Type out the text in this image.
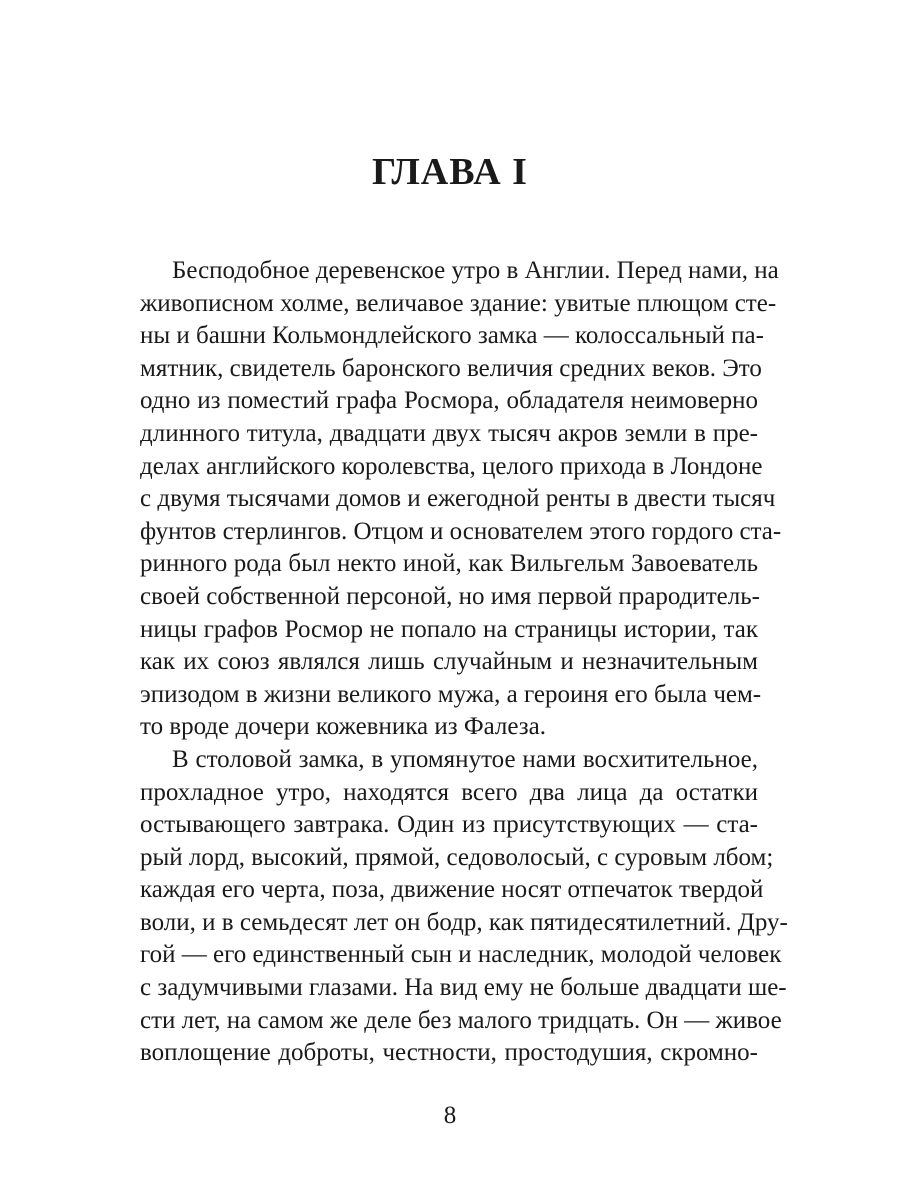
ГЛАВА I
Бесподобное деревенское утро в Англии. Перед нами, на
живописном холме, величавое здание: увитые плющом сте-
ны и башни Кольмондлейского замка — колоссальный па-
мятник, свидетель баронского величия средних веков. Это
одно из поместий графа Росмора, обладателя неимоверно
длинного титула, двадцати двух тысяч акров земли в пре-
делах английского королевства, целого прихода в Лондоне
с двумя тысячами домов и ежегодной ренты в двести тысяч
фунтов стерлингов. Отцом и основателем этого гордого ста-
ринного рода был некто иной, как Вильгельм Завоеватель
своей собственной персоной, но имя первой прародитель-
ницы графов Росмор не попало на страницы истории, так
как их союз являлся лишь случайным и незначительным
эпизодом в жизни великого мужа, а героиня его была чем-
то вроде дочери кожевника из Фалеза.
В столовой замка, в упомянутое нами восхитительное,
прохладное утро, находятся всего два лица да остатки
остывающего завтрака. Один из присутствующих — ста-
рый лорд, высокий, прямой, седоволосый, с суровым лбом;
каждая его черта, поза, движение носят отпечаток твердой
воли, и в семьдесят лет он бодр, как пятидесятилетний. Дру-
гой — его единственный сын и наследник, молодой человек
с задумчивыми глазами. На вид ему не больше двадцати ше-
сти лет, на самом же деле без малого тридцать. Он — живое
воплощение доброты, честности, простодушия, скромно-
8
